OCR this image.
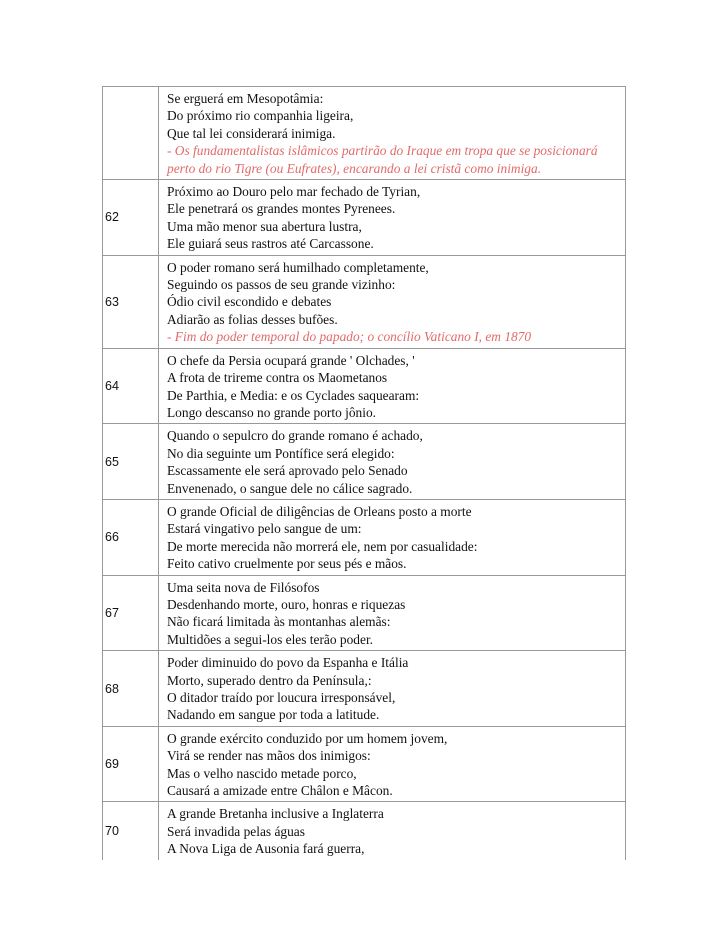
	Se erguerá em Mesopotâmia:
Do próximo rio companhia ligeira,
Que tal lei considerará inimiga.
- Os fundamentalistas islâmicos partirão do Iraque em tropa que se posicionará perto do rio Tigre (ou Eufrates), encarando a lei cristã como inimiga.

62	Próximo ao Douro pelo mar fechado de Tyrian,
Ele penetrará os grandes montes Pyrenees.
Uma mão menor sua abertura lustra,
Ele guiará seus rastros até Carcassone.

63	O poder romano será humilhado completamente,
Seguindo os passos de seu grande vizinho:
Ódio civil escondido e debates
Adiarão as folias desses bufões.
- Fim do poder temporal do papado; o concílio Vaticano I, em 1870

64	O chefe da Persia ocupará grande ' Olchades, '
A frota de trireme contra os Maometanos
De Parthia, e Media: e os Cyclades saquearam:
Longo descanso no grande porto jônio.

65	Quando o sepulcro do grande romano é achado,
No dia seguinte um Pontífice será elegido:
Escassamente ele será aprovado pelo Senado
Envenenado, o sangue dele no cálice sagrado.

66	O grande Oficial de diligências de Orleans posto a morte
Estará vingativo pelo sangue de um:
De morte merecida não morrerá ele, nem por casualidade:
Feito cativo cruelmente por seus pés e mãos.

67	Uma seita nova de Filósofos
Desdenhando morte, ouro, honras e riquezas
Não ficará limitada às montanhas alemãs:
Multidões a segui-los eles terão poder.

68	Poder diminuido do povo da Espanha e Itália
Morto, superado dentro da Península,:
O ditador traído por loucura irresponsável,
Nadando em sangue por toda a latitude.

69	O grande exército conduzido por um homem jovem,
Virá se render nas mãos dos inimigos:
Mas o velho nascido metade porco,
Causará a amizade entre Châlon e Mâcon.

70	A grande Bretanha inclusive a Inglaterra
Será invadida pelas águas
A Nova Liga de Ausonia fará guerra,
